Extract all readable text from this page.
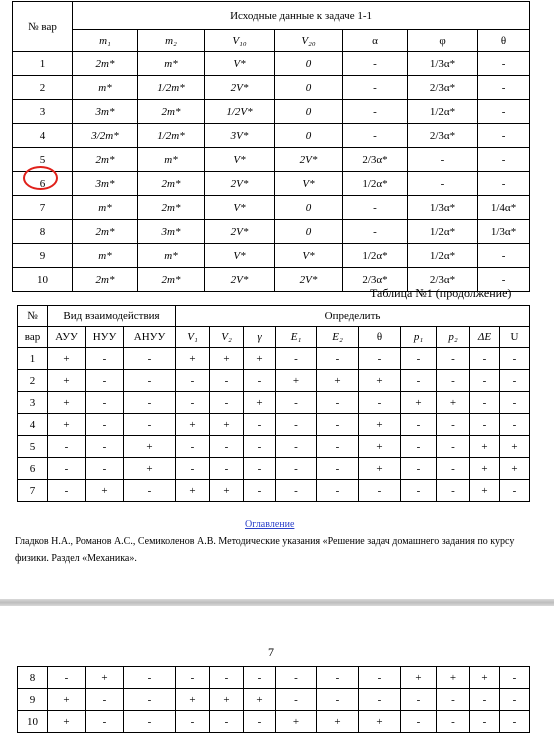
№ вар	Исходные данные к задаче 1-1						
	m₁	m₂	V₁₀	V₂₀	α	φ	θ
1	2m*	m*	V*	0	-	1/3α*	-
2	m*	1/2m*	2V*	0	-	2/3α*	-
3	3m*	2m*	1/2V*	0	-	1/2α*	-
4	3/2m*	1/2m*	3V*	0	-	2/3α*	-
5	2m*	m*	V*	2V*	2/3α*	-	-
6	3m*	2m*	2V*	V*	1/2α*	-	-
7	m*	2m*	V*	0	-	1/3α*	1/4α*
8	2m*	3m*	2V*	0	-	1/2α*	1/3α*
9	m*	m*	V*	V*	1/2α*	1/2α*	-
10	2m*	2m*	2V*	2V*	2/3α*	2/3α*	-
Таблица №1 (продолжение)
№	Вид взаимодействия			Определить									
вар	АУУ	НУУ	АНУУ	V₁	V₂	γ	E₁	E₂	θ	p₁	p₂	ΔE	U
1	+	-	-	+	+	+	-	-	-	-	-	-	-
2	+	-	-	-	-	-	+	+	+	-	-	-	-
3	+	-	-	-	-	+	-	-	-	+	+	-	-
4	+	-	-	+	+	-	-	-	+	-	-	-	-
5	-	-	+	-	-	-	-	-	+	-	-	+	+
6	-	-	+	-	-	-	-	-	+	-	-	+	+
7	-	+	-	+	+	-	-	-	-	-	-	+	-
Оглавление
Гладков Н.А., Романов А.С., Семиколенов А.В. Методические указания «Решение задач домашнего задания по курсу физики. Раздел «Механика».
7
8	-	+	-	-	-	-	-	-	-	+	+	+	-
9	+	-	-	+	+	+	-	-	-	-	-	-	-
10	+	-	-	-	-	-	+	+	+	-	-	-	-
